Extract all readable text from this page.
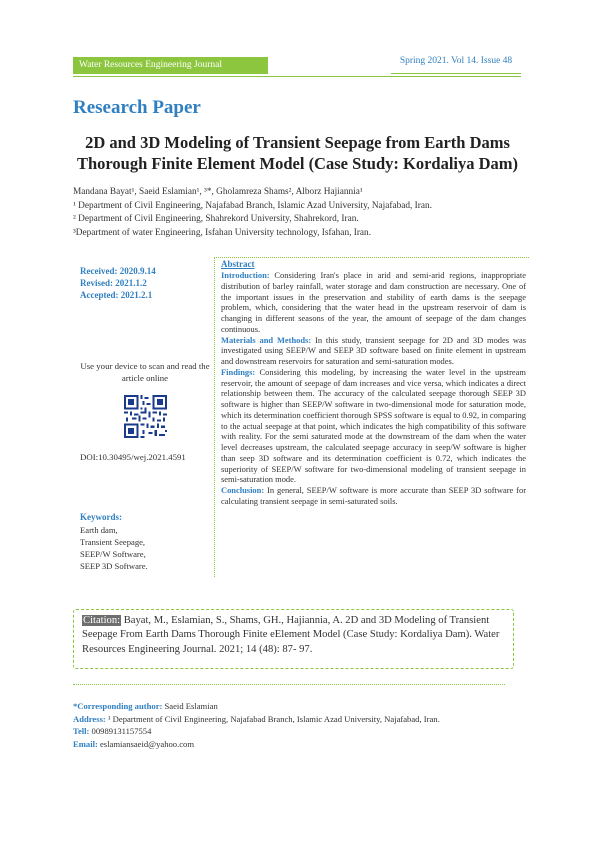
Water Resources Engineering Journal	Spring 2021. Vol 14. Issue 48
Research Paper
2D and 3D Modeling of Transient Seepage from Earth Dams
Thorough Finite Element Model (Case Study: Kordaliya Dam)
Mandana Bayat¹, Saeid Eslamian¹, ³*, Gholamreza Shams², Alborz Hajiannia¹
¹ Department of Civil Engineering, Najafabad Branch, Islamic Azad University, Najafabad, Iran.
² Department of Civil Engineering, Shahrekord University, Shahrekord, Iran.
³Department of water Engineering, Isfahan University technology, Isfahan, Iran.
Received: 2020.9.14
Revised: 2021.1.2
Accepted: 2021.2.1
Use your device to scan and read the article online
DOI:10.30495/wej.2021.4591
Keywords:
Earth dam,
Transient Seepage,
SEEP/W Software,
SEEP 3D Software.
Abstract

Introduction: Considering Iran's place in arid and semi-arid regions, inappropriate distribution of barley rainfall, water storage and dam construction are necessary. One of the important issues in the preservation and stability of earth dams is the seepage problem, which, considering that the water head in the upstream reservoir of dam is changing in different seasons of the year, the amount of seepage of the dam changes continuous.

Materials and Methods: In this study, transient seepage for 2D and 3D modes was investigated using SEEP/W and SEEP 3D software based on finite element in upstream and downstream reservoirs for saturation and semi-saturation modes.

Findings: Considering this modeling, by increasing the water level in the upstream reservoir, the amount of seepage of dam increases and vice versa, which indicates a direct relationship between them. The accuracy of the calculated seepage thorough SEEP 3D software is higher than SEEP/W software in two-dimensional mode for saturation mode, which its determination coefficient thorough SPSS software is equal to 0.92, in comparing to the actual seepage at that point, which indicates the high compatibility of this software with reality. For the semi saturated mode at the downstream of the dam when the water level decreases upstream, the calculated seepage accuracy in seep/W software is higher than seep 3D software and its determination coefficient is 0.72, which indicates the superiority of SEEP/W software for two-dimensional modeling of transient seepage in semi-saturation mode.

Conclusion: In general, SEEP/W software is more accurate than SEEP 3D software for calculating transient seepage in semi-saturated soils.

Citation: Bayat, M., Eslamian, S., Shams, GH., Hajiannia, A. 2D and 3D Modeling of Transient Seepage From Earth Dams Thorough Finite eElement Model (Case Study: Kordaliya Dam). Water Resources Engineering Journal. 2021; 14 (48): 87- 97.
*Corresponding author: Saeid Eslamian
Address: ¹ Department of Civil Engineering, Najafabad Branch, Islamic Azad University, Najafabad, Iran.
Tell: 00989131157554
Email: eslamiansaeid@yahoo.com
